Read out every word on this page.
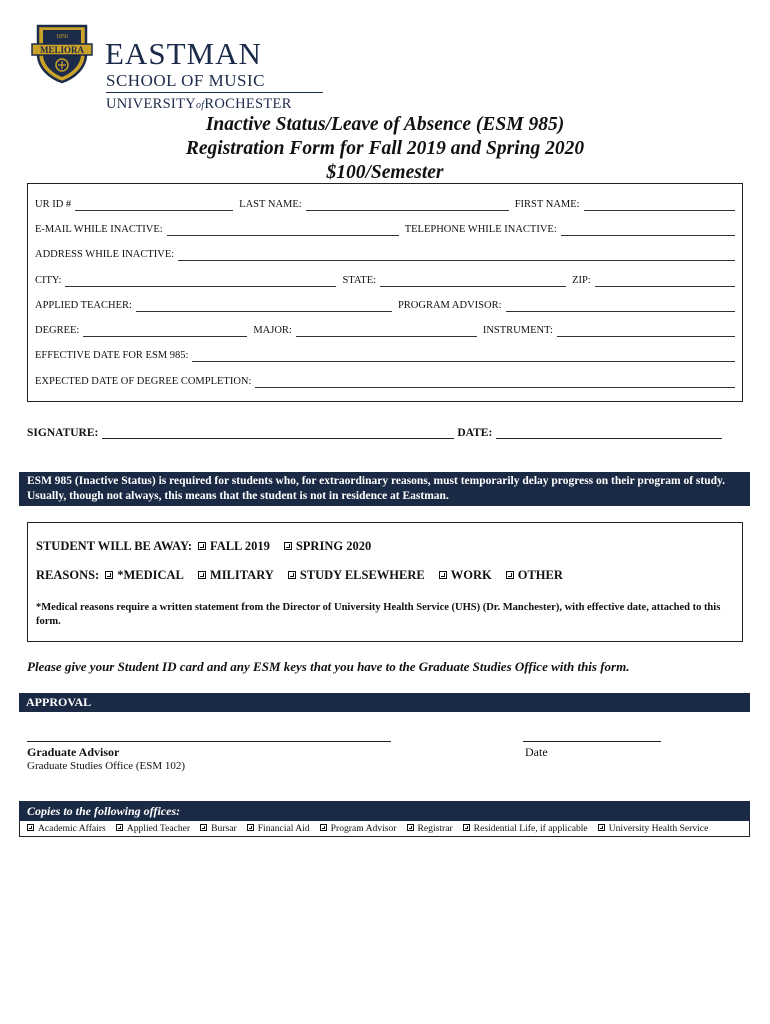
MELIORA
1850 EASTMAN
SCHOOL OF MUSIC
UNIVERSITYofROCHESTER
Inactive Status/Leave of Absence (ESM 985)
Registration Form for Fall 2019 and Spring 2020
$100/Semester
UR ID #	LAST NAME:	FIRST NAME:
E-MAIL WHILE INACTIVE:	TELEPHONE WHILE INACTIVE:
ADDRESS WHILE INACTIVE:
CITY:	STATE:	ZIP:
APPLIED TEACHER:	PROGRAM ADVISOR:
DEGREE:	MAJOR:	INSTRUMENT:
EFFECTIVE DATE FOR ESM 985:
EXPECTED DATE OF DEGREE COMPLETION:
SIGNATURE:	DATE:
ESM 985 (Inactive Status) is required for students who, for extraordinary reasons, must temporarily delay progress on their program of study. Usually, though not always, this means that the student is not in residence at Eastman.
STUDENT WILL BE AWAY: FALL 2019 SPRING 2020
REASONS: *MEDICAL MILITARY STUDY ELSEWHERE WORK OTHER
*Medical reasons require a written statement from the Director of University Health Service (UHS) (Dr. Manchester), with effective date, attached to this form.
Please give your Student ID card and any ESM keys that you have to the Graduate Studies Office with this form.
APPROVAL
Graduate Advisor
Graduate Studies Office (ESM 102)
Date
Copies to the following offices:
Academic Affairs Applied Teacher Bursar Financial Aid Program Advisor Registrar Residential Life, if applicable University Health Service
